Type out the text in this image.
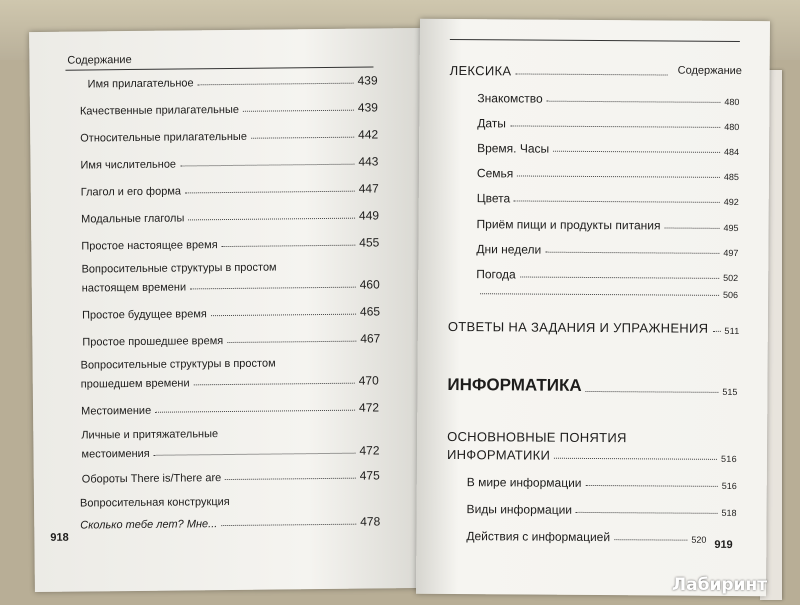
Содержание
Имя прилагательное	439
Качественные прилагательные	439
Относительные прилагательные	442
Имя числительное	443
Глагол и его форма	447
Модальные глаголы	449
Простое настоящее время	455
Вопросительные структуры в простом
настоящем времени	460
Простое будущее время	465
Простое прошедшее время	467
Вопросительные структуры в простом
прошедшем времени	470
Местоимение	472
Личные и притяжательные
местоимения	472
Обороты There is/There are	475
Вопросительная конструкция
Сколько тебе лет? Мне...	478
918
Содержание
ЛЕКСИКА
Знакомство	480
Даты	480
Время. Часы	484
Семья	485
Цвета	492
Приём пищи и продукты питания	495
Дни недели	497
Погода	502
506
ОТВЕТЫ НА ЗАДАНИЯ И УПРАЖНЕНИЯ 511
ИНФОРМАТИКА	515
ОСНОВНОВНЫЕ ПОНЯТИЯ
ИНФОРМАТИКИ	516
В мире информации	516
Виды информации	518
Действия с информацией	520 919
Лабиринт
